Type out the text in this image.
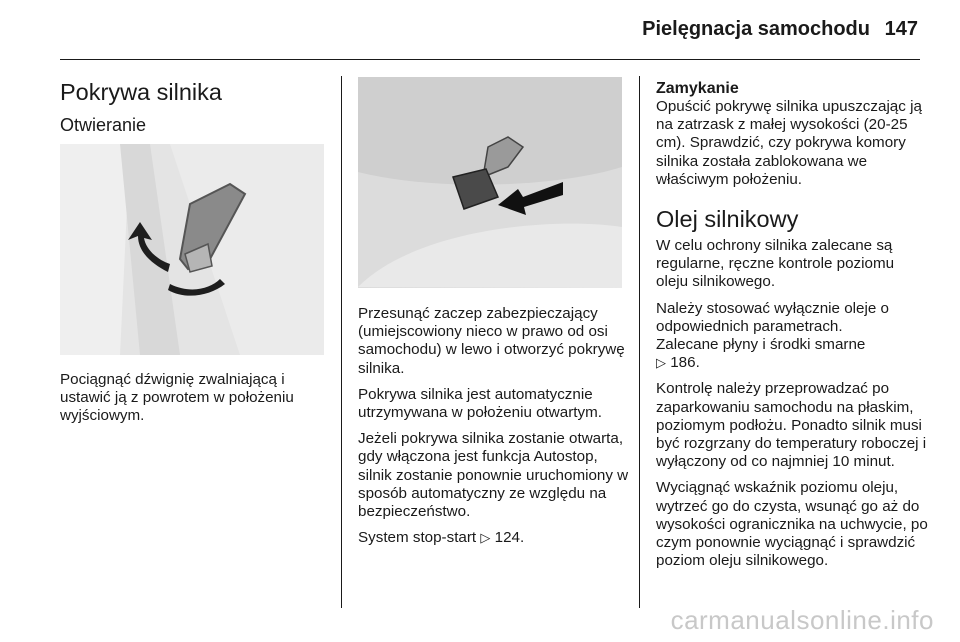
Pielęgnacja samochodu 147
Pokrywa silnika
Otwieranie

Pociągnąć dźwignię zwalniającą i ustawić ją z powrotem w położeniu wyjściowym.

Przesunąć zaczep zabezpieczający (umiejscowiony nieco w prawo od osi samochodu) w lewo i otworzyć pokrywę silnika.

Pokrywa silnika jest automatycznie utrzymywana w położeniu otwartym.

Jeżeli pokrywa silnika zostanie otwarta, gdy włączona jest funkcja Autostop, silnik zostanie ponownie uruchomiony w sposób automatyczny ze względu na bezpieczeństwo.

System stop-start ▷ 124.

Zamykanie

Opuścić pokrywę silnika upuszczając ją na zatrzask z małej wysokości (20-25 cm). Sprawdzić, czy pokrywa komory silnika została zablokowana we właściwym położeniu.

Olej silnikowy

W celu ochrony silnika zalecane są regularne, ręczne kontrole poziomu oleju silnikowego.

Należy stosować wyłącznie oleje o odpowiednich parametrach.
Zalecane płyny i środki smarne
▷ 186.

Kontrolę należy przeprowadzać po zaparkowaniu samochodu na płaskim, poziomym podłożu. Ponadto silnik musi być rozgrzany do temperatury roboczej i wyłączony od co najmniej 10 minut.

Wyciągnąć wskaźnik poziomu oleju, wytrzeć go do czysta, wsunąć go aż do wysokości ogranicznika na uchwycie, po czym ponownie wyciągnąć i sprawdzić poziom oleju silnikowego.

carmanualsonline.info
